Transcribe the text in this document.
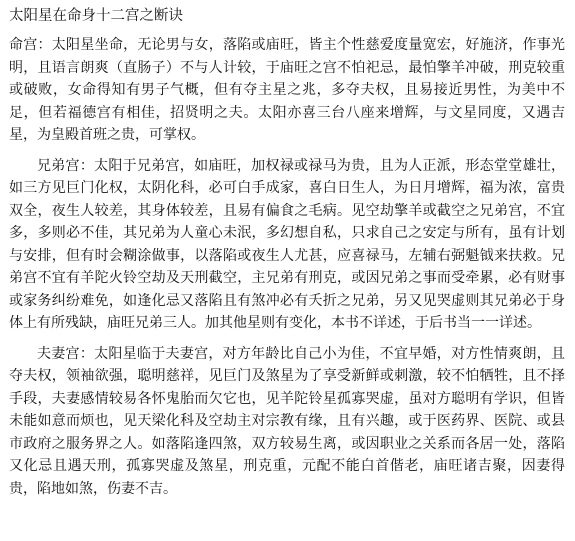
太阳星在命身十二宫之断诀

命宫：太阳星坐命，无论男与女，落陷或庙旺，皆主个性慈爱度量宽宏，好施济，作事光明，且语言朗爽（直肠子）不与人计较，于庙旺之宫不怕祀忌，最怕擎羊冲破，刑克较重或破败，女命得知有男子气概，但有夺主星之兆，多夺夫权，且易接近男性，为美中不足，但若福德宫有相佳，招贤明之夫。太阳亦喜三台八座来增辉，与文星同度，又遇吉星，为皇殿首班之贵，可掌权。

兄弟宫：太阳于兄弟宫，如庙旺，加权禄或禄马为贵，且为人正派，形态堂堂雄壮，如三方见巨门化权，太阴化科，必可白手成家，喜白日生人，为日月增辉，福为浓，富贵双全，夜生人较差，其身体较差，且易有偏食之毛病。见空劫擎羊或截空之兄弟宫，不宜多，多则必不佳，其兄弟为人童心未泯，多幻想自私，只求自己之安定与所有，虽有计划与安排，但有时会糊涂做事，以落陷或夜生人尤甚，应喜禄马，左辅右弼魁钺来扶救。兄弟宫不宜有羊陀火铃空劫及天刑截空，主兄弟有刑克，或因兄弟之事而受牵累，必有财事或家务纠纷难免，如逢化忌又落陷且有煞冲必有夭折之兄弟，另又见哭虚则其兄弟必于身体上有所残缺，庙旺兄弟三人。加其他星则有变化，本书不详述，于后书当一一详述。

夫妻宫：太阳星临于夫妻宫，对方年龄比自己小为佳，不宜早婚，对方性情爽朗，且夺夫权，领袖欲强，聪明慈祥，见巨门及煞星为了享受新鲜或刺激，较不怕牺牲，且不择手段，夫妻感情较易各怀鬼胎而欠它也，见羊陀铃星孤寡哭虚，虽对方聪明有学识，但皆未能如意而烦也，见天梁化科及空劫主对宗教有缘，且有兴趣，或于医药界、医院、或县市政府之服务界之人。如落陷逢四煞，双方较易生离，或因职业之关系而各居一处，落陷又化忌且遇天刑，孤寡哭虚及煞星，刑克重，元配不能白首偕老，庙旺诸吉聚，因妻得贵，陷地如煞，伤妻不吉。
